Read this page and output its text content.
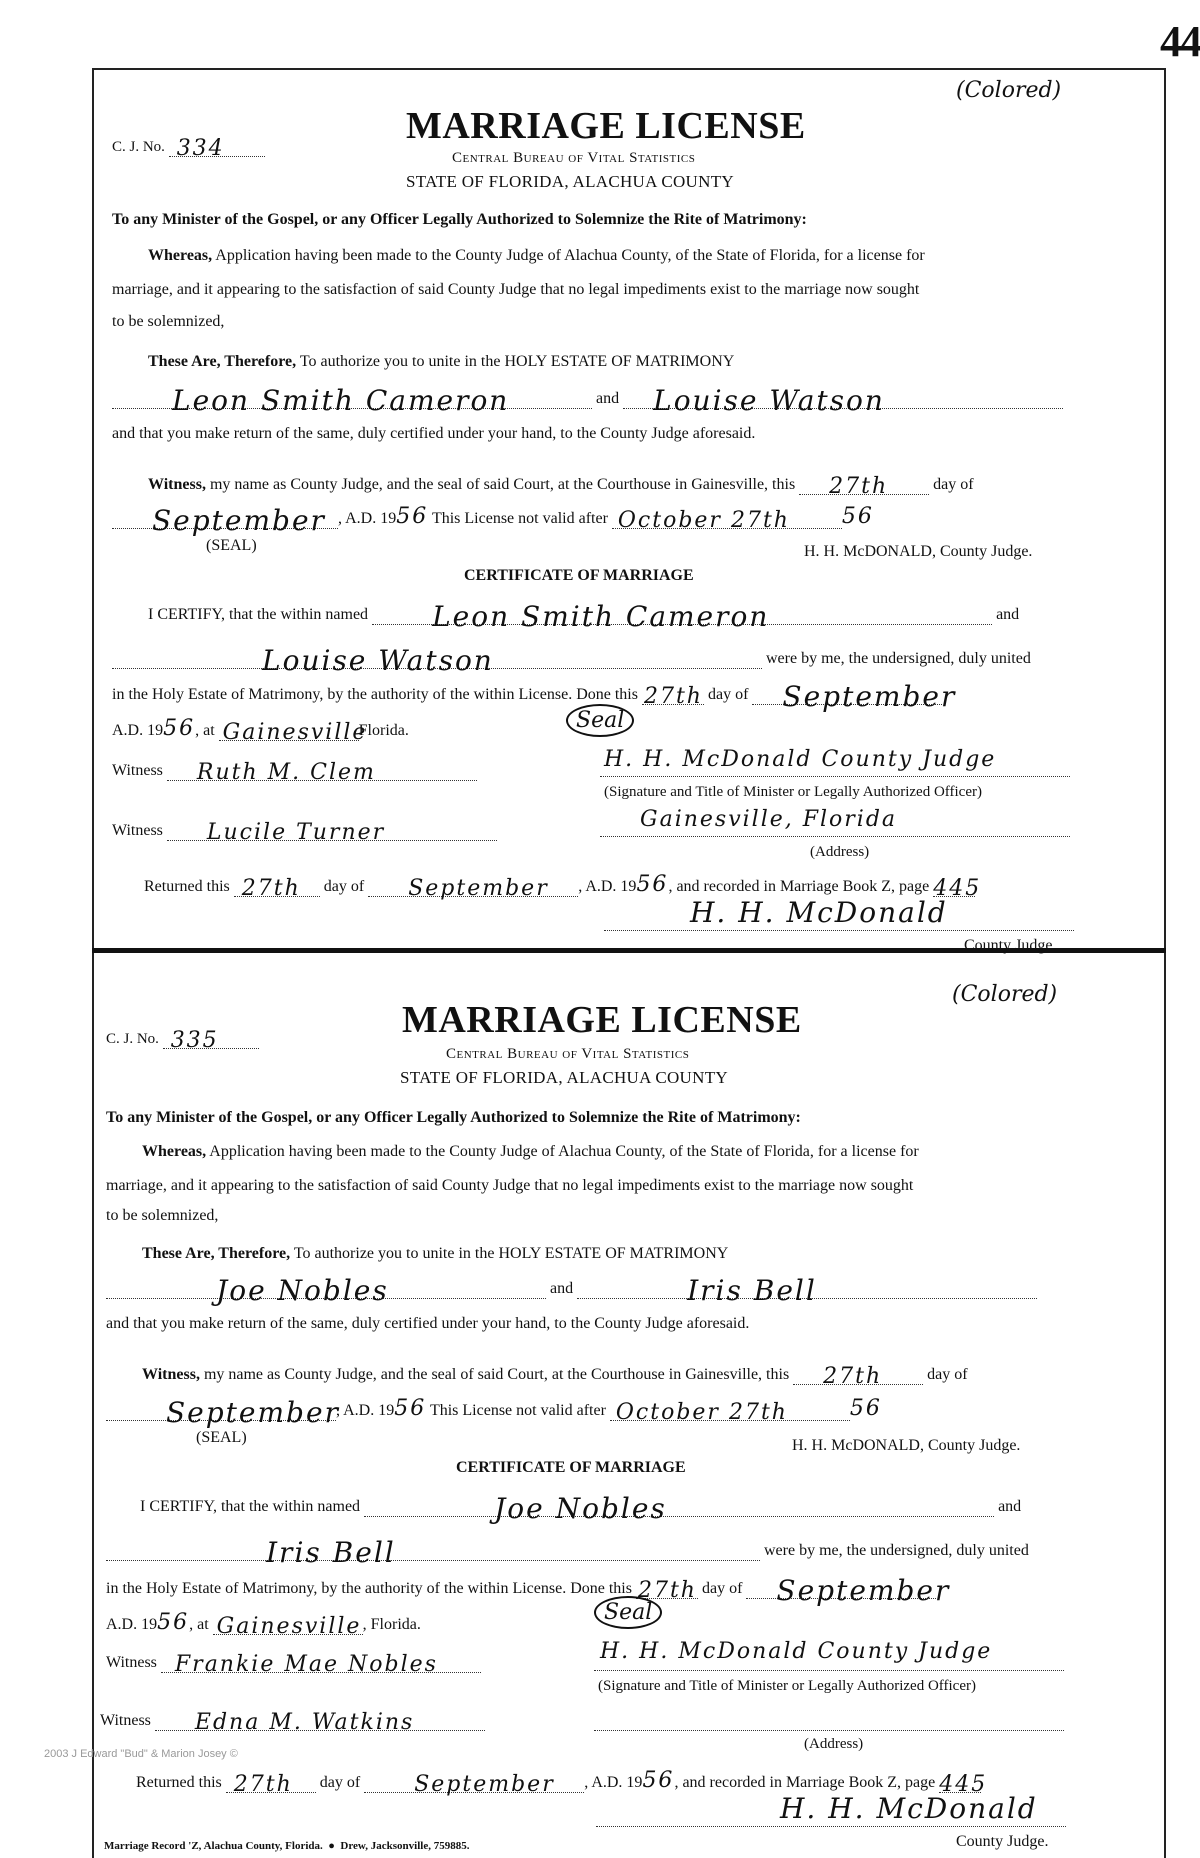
44
C. J. No. 334
(Colored)
MARRIAGE LICENSE
Central Bureau of Vital Statistics
STATE OF FLORIDA, ALACHUA COUNTY
To any Minister of the Gospel, or any Officer Legally Authorized to Solemnize the Rite of Matrimony:
Whereas, Application having been made to the County Judge of Alachua County, of the State of Florida, for a license for
marriage, and it appearing to the satisfaction of said County Judge that no legal impediments exist to the marriage now sought
to be solemnized,
These Are, Therefore, To authorize you to unite in the HOLY ESTATE OF MATRIMONY
Leon Smith Cameron	and Louise Watson
and that you make return of the same, duly certified under your hand, to the County Judge aforesaid.
Witness, my name as County Judge, and the seal of said Court, at the Courthouse in Gainesville, this 27th	day of
September , A.D. 1956 This License not valid after October 27th 56
(SEAL)	H. H. McDONALD, County Judge.
CERTIFICATE OF MARRIAGE
I CERTIFY, that the within named Leon Smith Cameron	and
Louise Watson	were by me, the undersigned, duly united
in the Holy Estate of Matrimony, by the authority of the within License. Done this 27th day of September
A.D. 1956, at Gainesville
Florida.	Seal
Witness Ruth M. Clem
H. H. McDonald County Judge
(Signature and Title of Minister or Legally Authorized Officer)
Witness Lucile Turner
Gainesville, Florida
(Address)
Returned this 27th day of September , A.D. 1956, and recorded in Marriage Book Z, page 445
H. H. McDonald
County Judge.
C. J. No. 335
(Colored)
MARRIAGE LICENSE
Central Bureau of Vital Statistics
STATE OF FLORIDA, ALACHUA COUNTY
To any Minister of the Gospel, or any Officer Legally Authorized to Solemnize the Rite of Matrimony:
Whereas, Application having been made to the County Judge of Alachua County, of the State of Florida, for a license for
marriage, and it appearing to the satisfaction of said County Judge that no legal impediments exist to the marriage now sought
to be solemnized,
These Are, Therefore, To authorize you to unite in the HOLY ESTATE OF MATRIMONY
Joe Nobles	and	Iris Bell
and that you make return of the same, duly certified under your hand, to the County Judge aforesaid.
Witness, my name as County Judge, and the seal of said Court, at the Courthouse in Gainesville, this 27th	day of
September
, A.D. 1956 This License not valid after October 27th	56
(SEAL)	H. H. McDONALD, County Judge.
CERTIFICATE OF MARRIAGE
I CERTIFY, that the within named	Joe Nobles	and
Iris Bell	were by me, the undersigned, duly united
in the Holy Estate of Matrimony, by the authority of the within License. Done this 27th day of September
A.D. 1956, at Gainesville , Florida.	Seal
Witness Frankie Mae Nobles
H. H. McDonald County Judge
(Signature and Title of Minister or Legally Authorized Officer)
Witness Edna M. Watkins
(Address)
Returned this 27th day of September , A.D. 1956, and recorded in Marriage Book Z, page 445
H. H. McDonald
County Judge.
2003 J Edward "Bud" & Marion Josey ©
Marriage Record 'Z, Alachua County, Florida.  ●  Drew, Jacksonville, 759885.
